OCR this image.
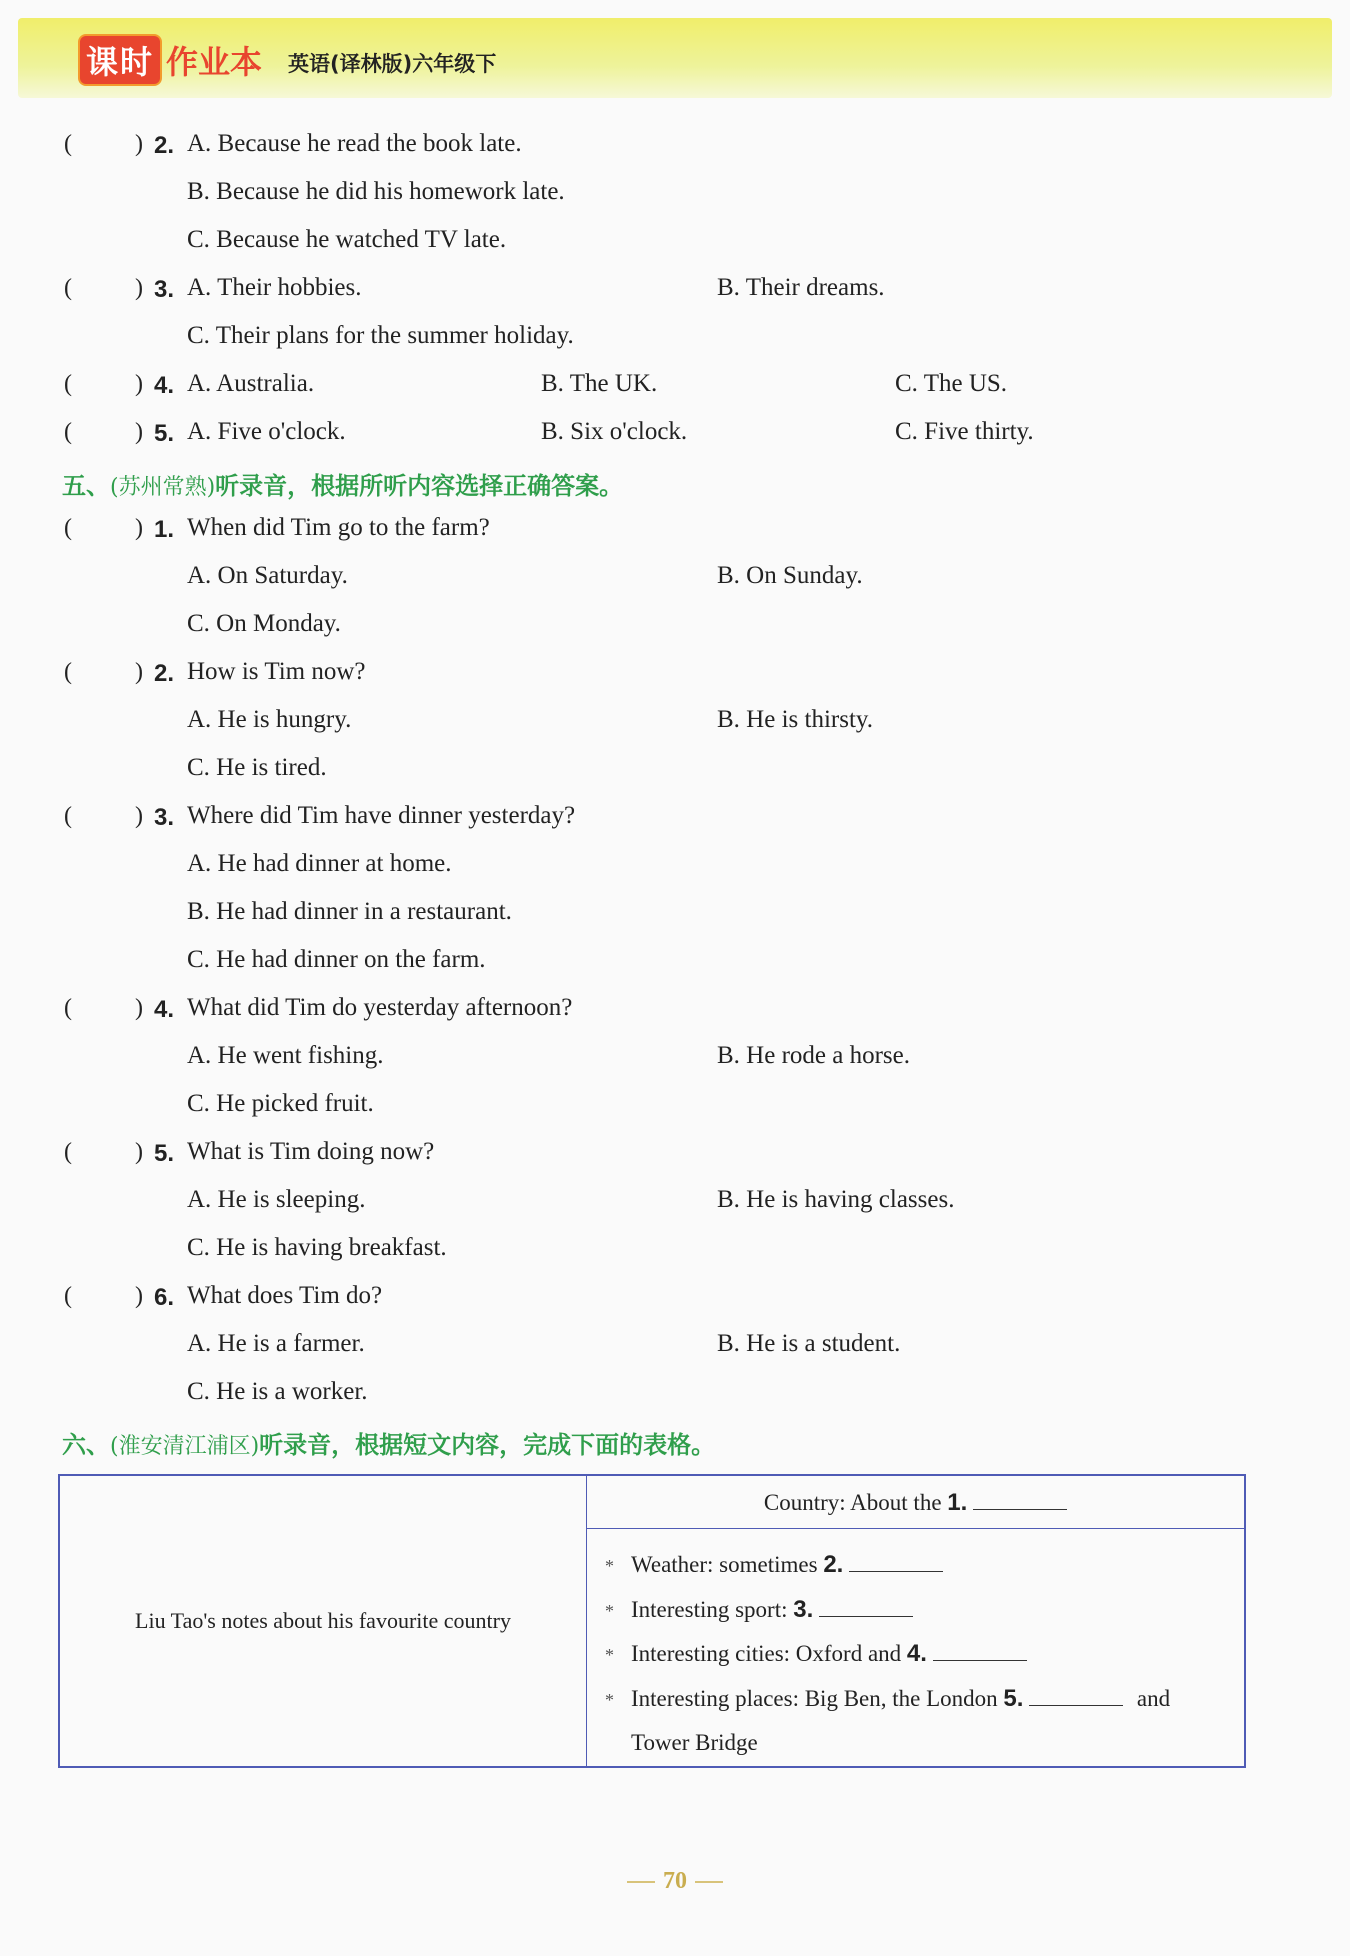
课时 作业本 英语(译林版)六年级下
(	) 2. A. Because he read the book late.
B. Because he did his homework late.
C. Because he watched TV late.
(	) 3. A. Their hobbies.	B. Their dreams.
C. Their plans for the summer holiday.
(	) 4. A. Australia.	B. The UK.	C. The US.
(	) 5. A. Five o'clock.	B. Six o'clock.	C. Five thirty.
五、(苏州常熟)听录音，根据所听内容选择正确答案。
(	) 1. When did Tim go to the farm?
A. On Saturday.	B. On Sunday.
C. On Monday.
(	) 2. How is Tim now?
A. He is hungry.	B. He is thirsty.
C. He is tired.
(	) 3. Where did Tim have dinner yesterday?
A. He had dinner at home.
B. He had dinner in a restaurant.
C. He had dinner on the farm.
(	) 4. What did Tim do yesterday afternoon?
A. He went fishing.	B. He rode a horse.
C. He picked fruit.
(	) 5. What is Tim doing now?
A. He is sleeping.	B. He is having classes.
C. He is having breakfast.
(	) 6. What does Tim do?
A. He is a farmer.	B. He is a student.
C. He is a worker.
六、(淮安清江浦区)听录音，根据短文内容，完成下面的表格。
Liu Tao's notes about his favourite country	Country: About the 1.

* Weather: sometimes 2.
* Interesting sport: 3.
* Interesting cities: Oxford and 4.
* Interesting places: Big Ben, the London 5.	and
Tower Bridge
70
